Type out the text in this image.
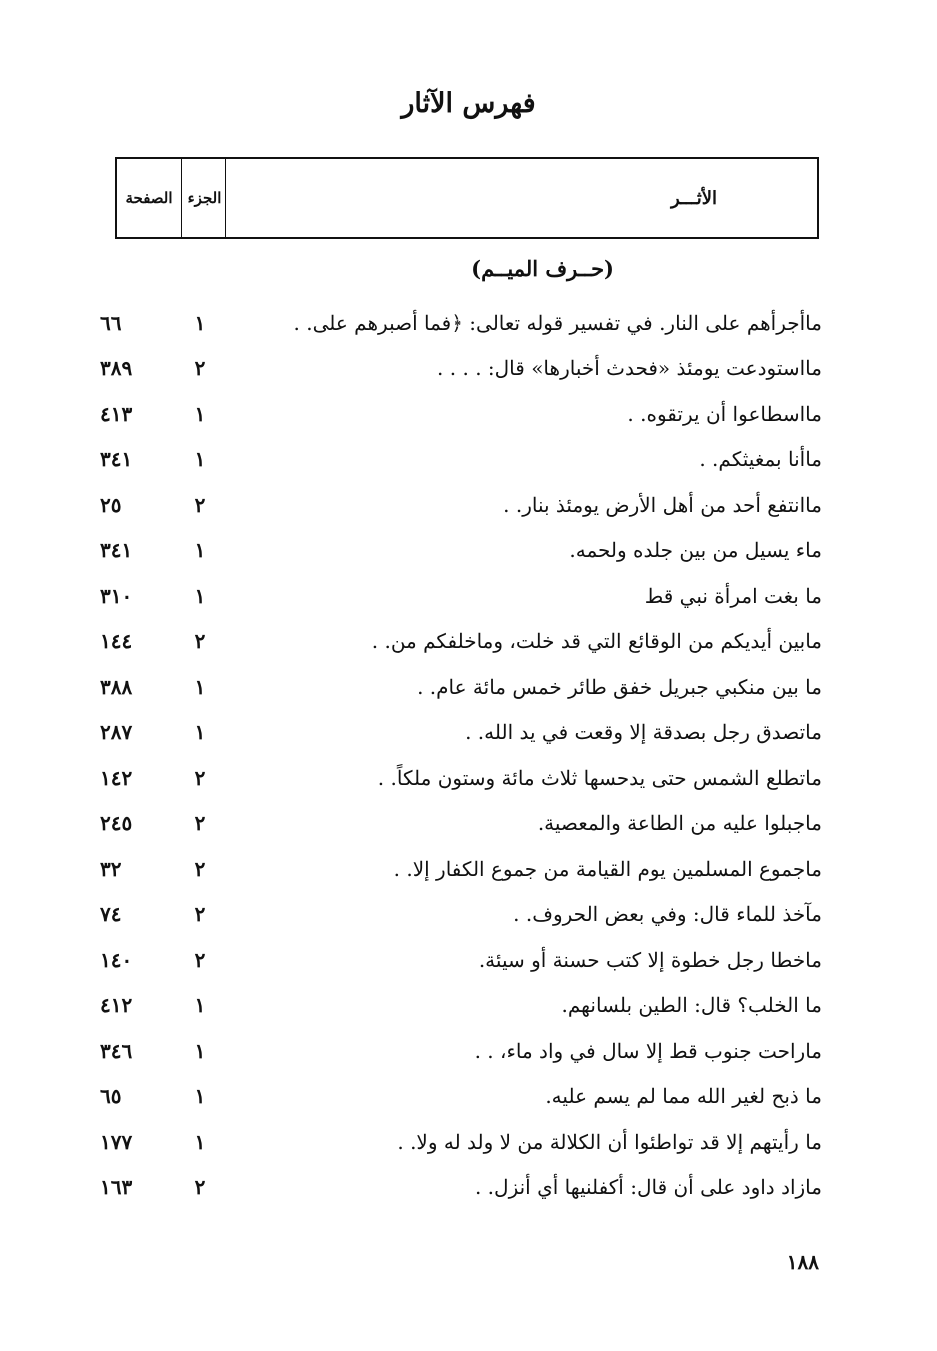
فهرس الآثار
الأثـــر
الجزء
الصفحة
(حــرف الميــم)
ماأجرأهم على النار. في تفسير قوله تعالى: ﴿فما أصبرهم على. .
١
٦٦
مااستودعت يومئذ «فحدث أخبارها» قال: . . . .
٢
٣٨٩
مااسطاعوا أن يرتقوه. .
١
٤١٣
ماأنا بمغيثكم. .
١
٣٤١
ماانتفع أحد من أهل الأرض يومئذ بنار. .
٢
٢٥
ماء يسيل من بين جلده ولحمه.
١
٣٤١
ما بغت امرأة نبي قط
١
٣١٠
مابين أيديكم من الوقائع التي قد خلت، وماخلفكم من. .
٢
١٤٤
ما بين منكبي جبريل خفق طائر خمس مائة عام. .
١
٣٨٨
ماتصدق رجل بصدقة إلا وقعت في يد الله. .
١
٢٨٧
ماتطلع الشمس حتى يدحسها ثلاث مائة وستون ملكاً. .
٢
١٤٢
ماجبلوا عليه من الطاعة والمعصية.
٢
٢٤٥
ماجموع المسلمين يوم القيامة من جموع الكفار إلا. .
٢
٣٢
مآخذ للماء قال: وفي بعض الحروف. .
٢
٧٤
ماخطا رجل خطوة إلا كتب حسنة أو سيئة.
٢
١٤٠
ما الخلب؟ قال: الطين بلسانهم.
١
٤١٢
ماراحت جنوب قط إلا سال في واد ماء، . .
١
٣٤٦
ما ذبح لغير الله مما لم يسم عليه.
١
٦٥
ما رأيتهم إلا قد تواطئوا أن الكلالة من لا ولد له ولا. .
١
١٧٧
مازاد داود على أن قال: أكفلنيها أي أنزل. .
٢
١٦٣
١٨٨
